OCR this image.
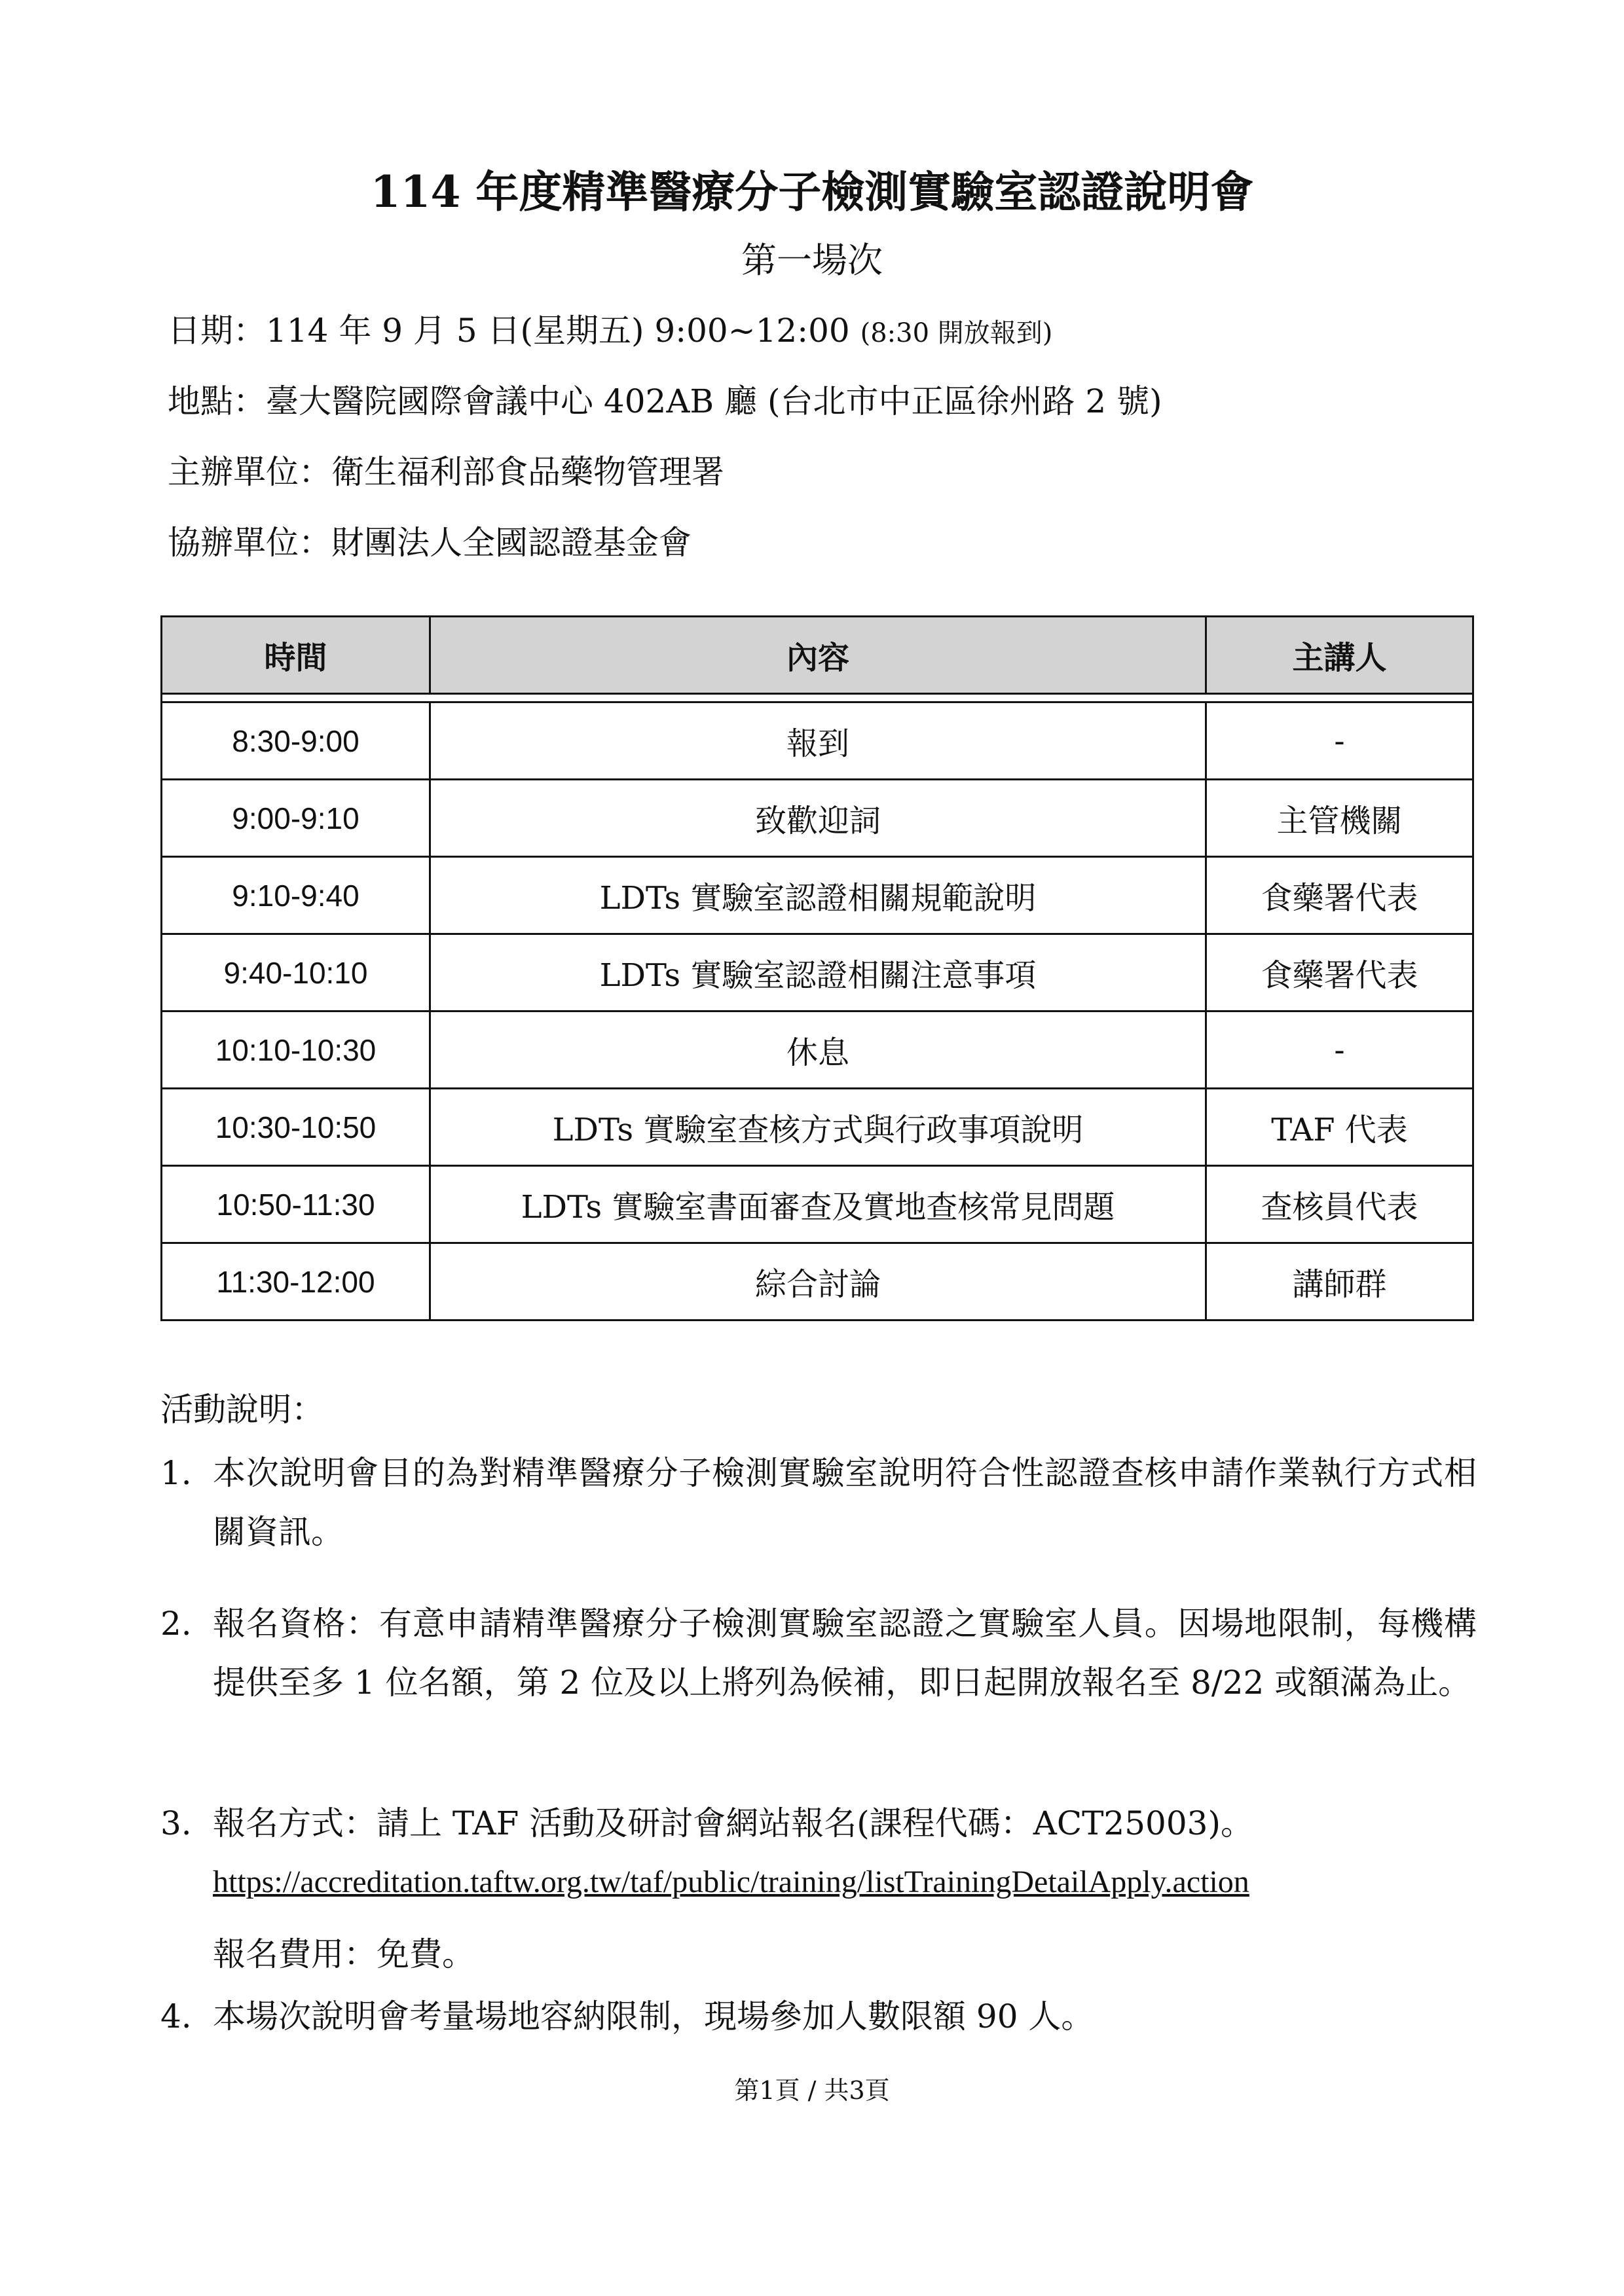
114 年度精準醫療分子檢測實驗室認證說明會
第一場次
日期：114 年 9 月 5 日(星期五) 9:00~12:00 (8:30 開放報到)
地點：臺大醫院國際會議中心 402AB 廳 (台北市中正區徐州路 2 號)
主辦單位：衛生福利部食品藥物管理署
協辦單位：財團法人全國認證基金會
時間	內容	主講人

8:30-9:00	報到	-
9:00-9:10	致歡迎詞	主管機關
9:10-9:40	LDTs 實驗室認證相關規範說明	食藥署代表
9:40-10:10	LDTs 實驗室認證相關注意事項	食藥署代表
10:10-10:30	休息	-
10:30-10:50	LDTs 實驗室查核方式與行政事項說明	TAF 代表
10:50-11:30	LDTs 實驗室書面審查及實地查核常見問題	查核員代表
11:30-12:00	綜合討論	講師群
活動說明：
1. 本次說明會目的為對精準醫療分子檢測實驗室說明符合性認證查核申請作業執行方式相關資訊。
2. 報名資格：有意申請精準醫療分子檢測實驗室認證之實驗室人員。因場地限制，每機構提供至多 1 位名額，第 2 位及以上將列為候補，即日起開放報名至 8/22 或額滿為止。
3. 報名方式：請上 TAF 活動及研討會網站報名(課程代碼：ACT25003)。
https://accreditation.taftw.org.tw/taf/public/training/listTrainingDetailApply.action
報名費用：免費。
4. 本場次說明會考量場地容納限制，現場參加人數限額 90 人。
第1頁 / 共3頁
